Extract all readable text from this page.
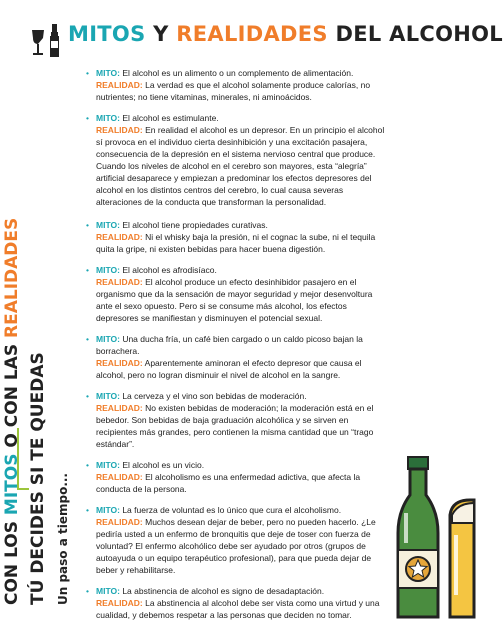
MITOS Y REALIDADES DEL ALCOHOL
CON LOS MITOS O CON LAS REALIDADES
TÚ DECIDES SI TE QUEDAS Un paso a tiempo...
• MITO: El alcohol es un alimento o un complemento de alimentación.
REALIDAD: La verdad es que el alcohol solamente produce calorías, no nutrientes; no tiene vitaminas, minerales, ni aminoácidos.
• MITO: El alcohol es estimulante.
REALIDAD: En realidad el alcohol es un depresor. En un principio el alcohol sí provoca en el individuo cierta desinhibición y una excitación pasajera, consecuencia de la depresión en el sistema nervioso central que produce. Cuando los niveles de alcohol en el cerebro son mayores, esta “alegría” artificial desaparece y empiezan a predominar los efectos depresores del alcohol en los distintos centros del cerebro, lo cual causa severas alteraciones de la conducta que transforman la personalidad.
• MITO: El alcohol tiene propiedades curativas.
REALIDAD: Ni el whisky baja la presión, ni el cognac la sube, ni el tequila quita la gripe, ni existen bebidas para hacer buena digestión.
• MITO: El alcohol es afrodisíaco.
REALIDAD: El alcohol produce un efecto desinhibidor pasajero en el organismo que da la sensación de mayor seguridad y mejor desenvoltura ante el sexo opuesto. Pero si se consume más alcohol, los efectos depresores se manifiestan y disminuyen el potencial sexual.
• MITO: Una ducha fría, un café bien cargado o un caldo picoso bajan la borrachera.
REALIDAD: Aparentemente aminoran el efecto depresor que causa el alcohol, pero no logran disminuir el nivel de alcohol en la sangre.
• MITO: La cerveza y el vino son bebidas de moderación.
REALIDAD: No existen bebidas de moderación; la moderación está en el bebedor. Son bebidas de baja graduación alcohólica y se sirven en recipientes más grandes, pero contienen la misma cantidad que un “trago estándar”.
• MITO: El alcohol es un vicio.
REALIDAD: El alcoholismo es una enfermedad adictiva, que afecta la conducta de la persona.
• MITO: La fuerza de voluntad es lo único que cura el alcoholismo.
REALIDAD: Muchos desean dejar de beber, pero no pueden hacerlo. ¿Le pediría usted a un enfermo de bronquitis que deje de toser con fuerza de voluntad? El enfermo alcohólico debe ser ayudado por otros (grupos de autoayuda o un equipo terapéutico profesional), para que pueda dejar de beber y rehabilitarse.
• MITO: La abstinencia de alcohol es signo de desadaptación.
REALIDAD: La abstinencia al alcohol debe ser vista como una virtud y una cualidad, y debemos respetar a las personas que deciden no tomar.
